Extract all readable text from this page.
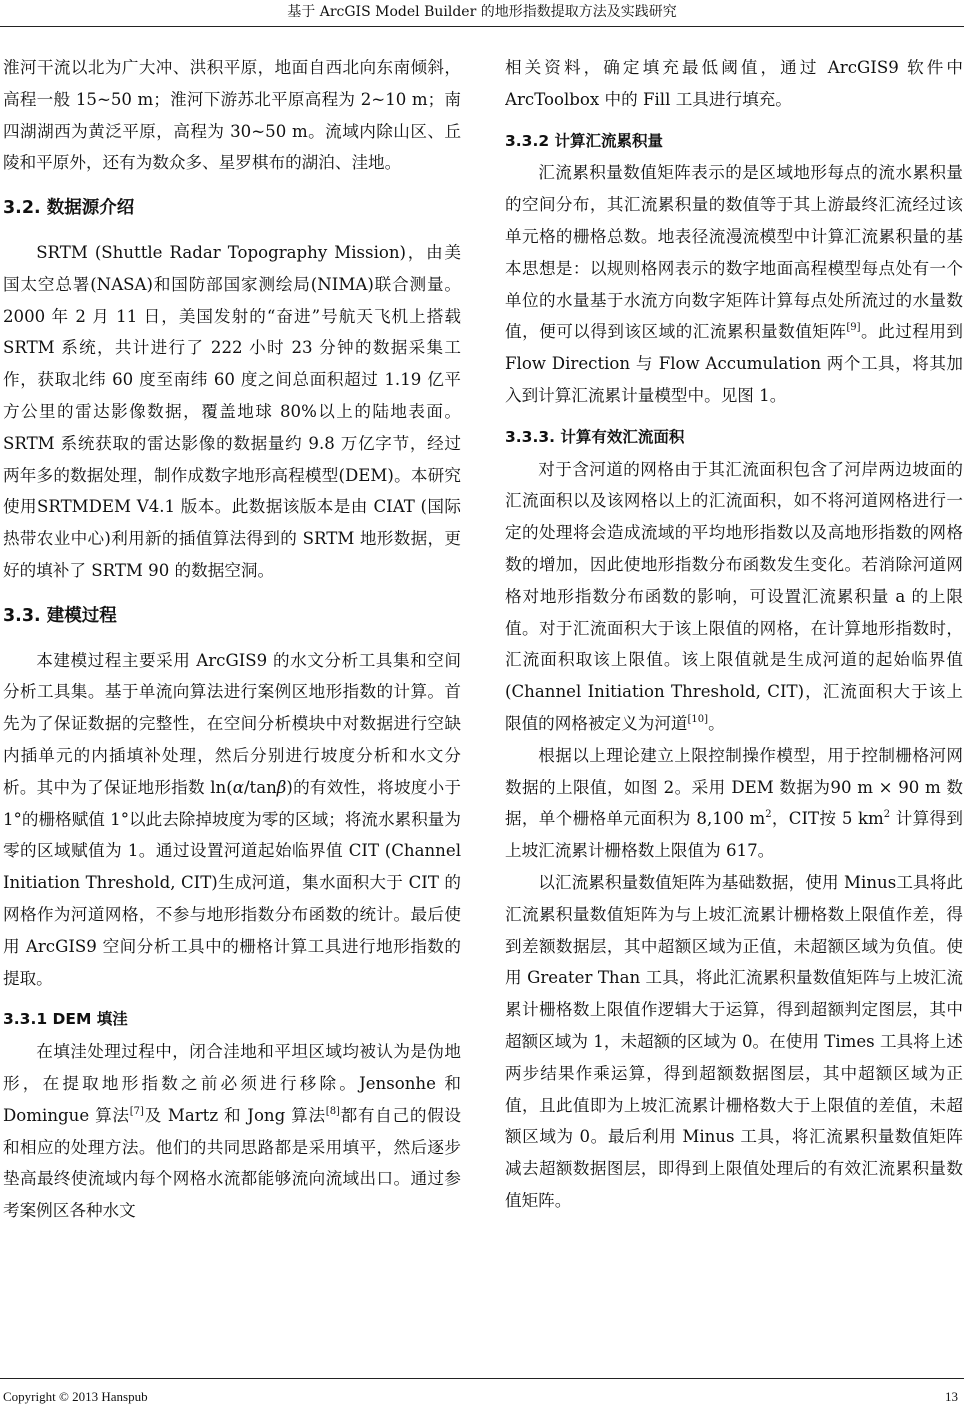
基于 ArcGIS Model Builder 的地形指数提取方法及实践研究

淮河干流以北为广大冲、洪积平原，地面自西北向东南倾斜，高程一般 15~50 m；淮河下游苏北平原高程为 2~10 m；南四湖湖西为黄泛平原，高程为 30~50 m。流域内除山区、丘陵和平原外，还有为数众多、星罗棋布的湖泊、洼地。

3.2. 数据源介绍

SRTM (Shuttle Radar Topography Mission)，由美国太空总署(NASA)和国防部国家测绘局(NIMA)联合测量。2000 年 2 月 11 日，美国发射的“奋进”号航天飞机上搭载 SRTM 系统，共计进行了 222 小时 23 分钟的数据采集工作，获取北纬 60 度至南纬 60 度之间总面积超过 1.19 亿平方公里的雷达影像数据，覆盖地球 80%以上的陆地表面。SRTM 系统获取的雷达影像的数据量约 9.8 万亿字节，经过两年多的数据处理，制作成数字地形高程模型(DEM)。本研究使用SRTMDEM V4.1 版本。此数据该版本是由 CIAT (国际热带农业中心)利用新的插值算法得到的 SRTM 地形数据，更好的填补了 SRTM 90 的数据空洞。

3.3. 建模过程

本建模过程主要采用 ArcGIS9 的水文分析工具集和空间分析工具集。基于单流向算法进行案例区地形指数的计算。首先为了保证数据的完整性，在空间分析模块中对数据进行空缺内插单元的内插填补处理，然后分别进行坡度分析和水文分析。其中为了保证地形指数 ln(α/tanβ)的有效性，将坡度小于 1°的栅格赋值 1°以此去除掉坡度为零的区域；将流水累积量为零的区域赋值为 1。通过设置河道起始临界值 CIT (Channel Initiation Threshold, CIT)生成河道，集水面积大于 CIT 的网格作为河道网格，不参与地形指数分布函数的统计。最后使用 ArcGIS9 空间分析工具中的栅格计算工具进行地形指数的提取。

3.3.1 DEM 填洼

在填洼处理过程中，闭合洼地和平坦区域均被认为是伪地形，在提取地形指数之前必须进行移除。Jensonhe 和 Domingue 算法[7]及 Martz 和 Jong 算法[8]都有自己的假设和相应的处理方法。他们的共同思路都是采用填平，然后逐步垫高最终使流域内每个网格水流都能够流向流域出口。通过参考案例区各种水文

相关资料，确定填充最低阈值，通过 ArcGIS9 软件中ArcToolbox 中的 Fill 工具进行填充。

3.3.2 计算汇流累积量

汇流累积量数值矩阵表示的是区域地形每点的流水累积量的空间分布，其汇流累积量的数值等于其上游最终汇流经过该单元格的栅格总数。地表径流漫流模型中计算汇流累积量的基本思想是：以规则格网表示的数字地面高程模型每点处有一个单位的水量基于水流方向数字矩阵计算每点处所流过的水量数值，便可以得到该区域的汇流累积量数值矩阵[9]。此过程用到 Flow Direction 与 Flow Accumulation 两个工具，将其加入到计算汇流累计量模型中。见图 1。

3.3.3. 计算有效汇流面积

对于含河道的网格由于其汇流面积包含了河岸两边坡面的汇流面积以及该网格以上的汇流面积，如不将河道网格进行一定的处理将会造成流域的平均地形指数以及高地形指数的网格数的增加，因此使地形指数分布函数发生变化。若消除河道网格对地形指数分布函数的影响，可设置汇流累积量 a 的上限值。对于汇流面积大于该上限值的网格，在计算地形指数时，汇流面积取该上限值。该上限值就是生成河道的起始临界值(Channel Initiation Threshold, CIT)，汇流面积大于该上限值的网格被定义为河道[10]。

根据以上理论建立上限控制操作模型，用于控制栅格河网数据的上限值，如图 2。采用 DEM 数据为90 m × 90 m 数据，单个栅格单元面积为 8,100 $m^2$，CIT按 5 $km^2$ 计算得到上坡汇流累计栅格数上限值为 617。

以汇流累积量数值矩阵为基础数据，使用 Minus工具将此汇流累积量数值矩阵为与上坡汇流累计栅格数上限值作差，得到差额数据层，其中超额区域为正值，未超额区域为负值。使用 Greater Than 工具，将此汇流累积量数值矩阵与上坡汇流累计栅格数上限值作逻辑大于运算，得到超额判定图层，其中超额区域为 1，未超额的区域为 0。在使用 Times 工具将上述两步结果作乘运算，得到超额数据图层，其中超额区域为正值，且此值即为上坡汇流累计栅格数大于上限值的差值，未超额区域为 0。最后利用 Minus 工具，将汇流累积量数值矩阵减去超额数据图层，即得到上限值处理后的有效汇流累积量数值矩阵。

Copyright © 2013 Hanspub	13
